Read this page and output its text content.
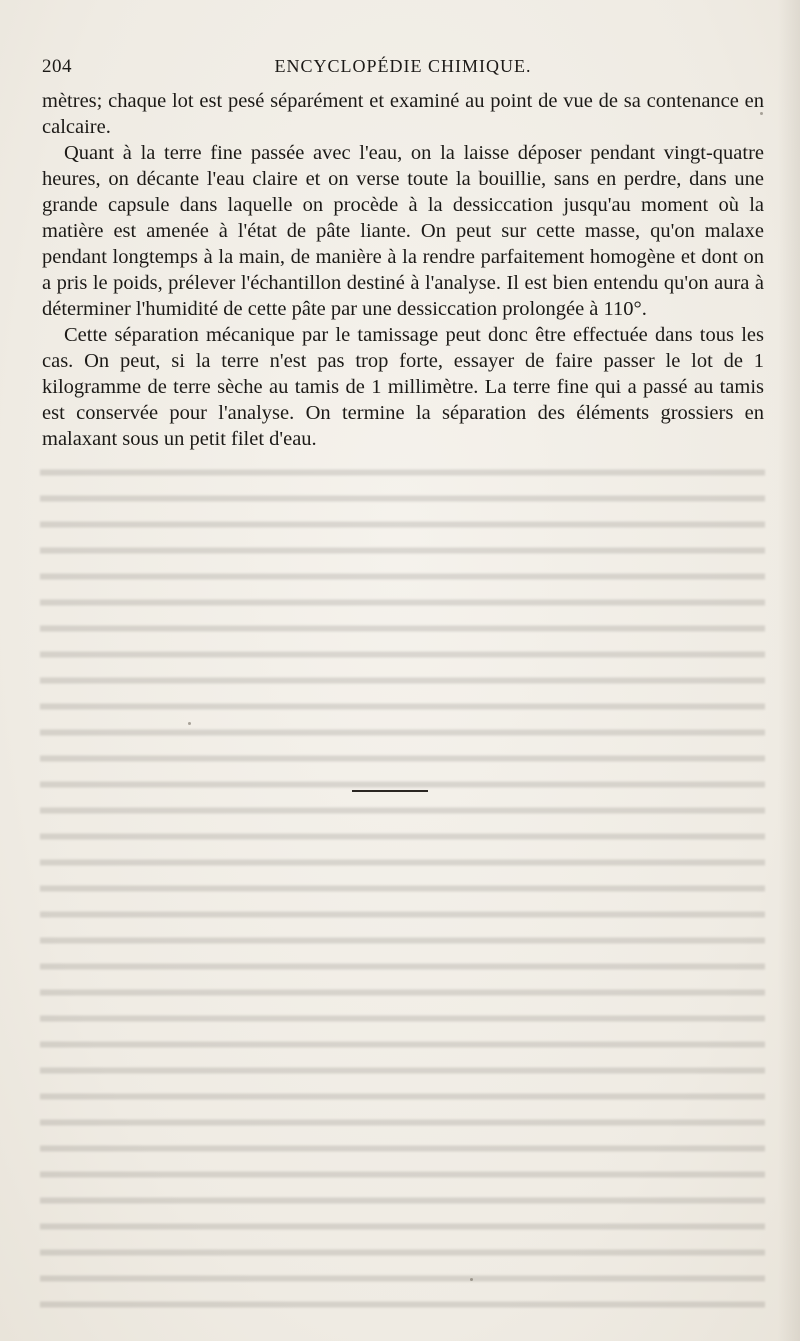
204	ENCYCLOPÉDIE CHIMIQUE.

mètres; chaque lot est pesé séparément et examiné au point de vue de sa contenance en calcaire.

Quant à la terre fine passée avec l'eau, on la laisse déposer pendant vingt-quatre heures, on décante l'eau claire et on verse toute la bouillie, sans en perdre, dans une grande capsule dans laquelle on procède à la dessiccation jusqu'au moment où la matière est amenée à l'état de pâte liante. On peut sur cette masse, qu'on malaxe pendant longtemps à la main, de manière à la rendre parfaitement homogène et dont on a pris le poids, prélever l'échantillon destiné à l'analyse. Il est bien entendu qu'on aura à déterminer l'humidité de cette pâte par une dessiccation prolongée à 110°.

Cette séparation mécanique par le tamissage peut donc être effectuée dans tous les cas. On peut, si la terre n'est pas trop forte, essayer de faire passer le lot de 1 kilogramme de terre sèche au tamis de 1 millimètre. La terre fine qui a passé au tamis est conservée pour l'analyse. On termine la séparation des éléments grossiers en malaxant sous un petit filet d'eau.
